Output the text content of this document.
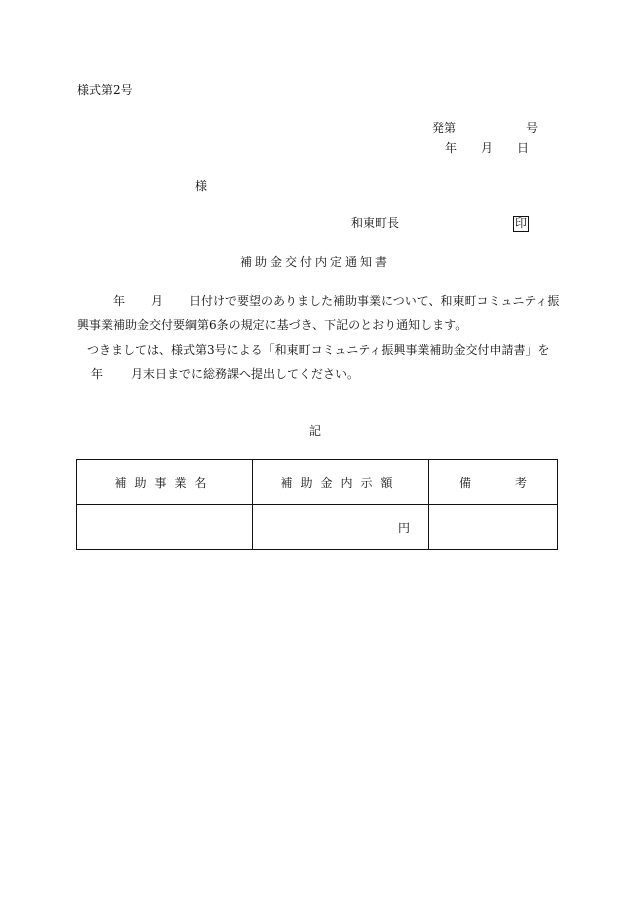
様式第2号
発第	号
年 月 日
様
和東町長	印
補助金交付内定通知書
年 月 日付けで要望のありました補助事業について、和東町コミュニティ振
興事業補助金交付要綱第6条の規定に基づき、下記のとおり通知します。
つきましては、様式第3号による「和東町コミュニティ振興事業補助金交付申請書」を
年 月末日までに総務課へ提出してください。
記
補助事業名	補助金内示額	備 考
	円	
